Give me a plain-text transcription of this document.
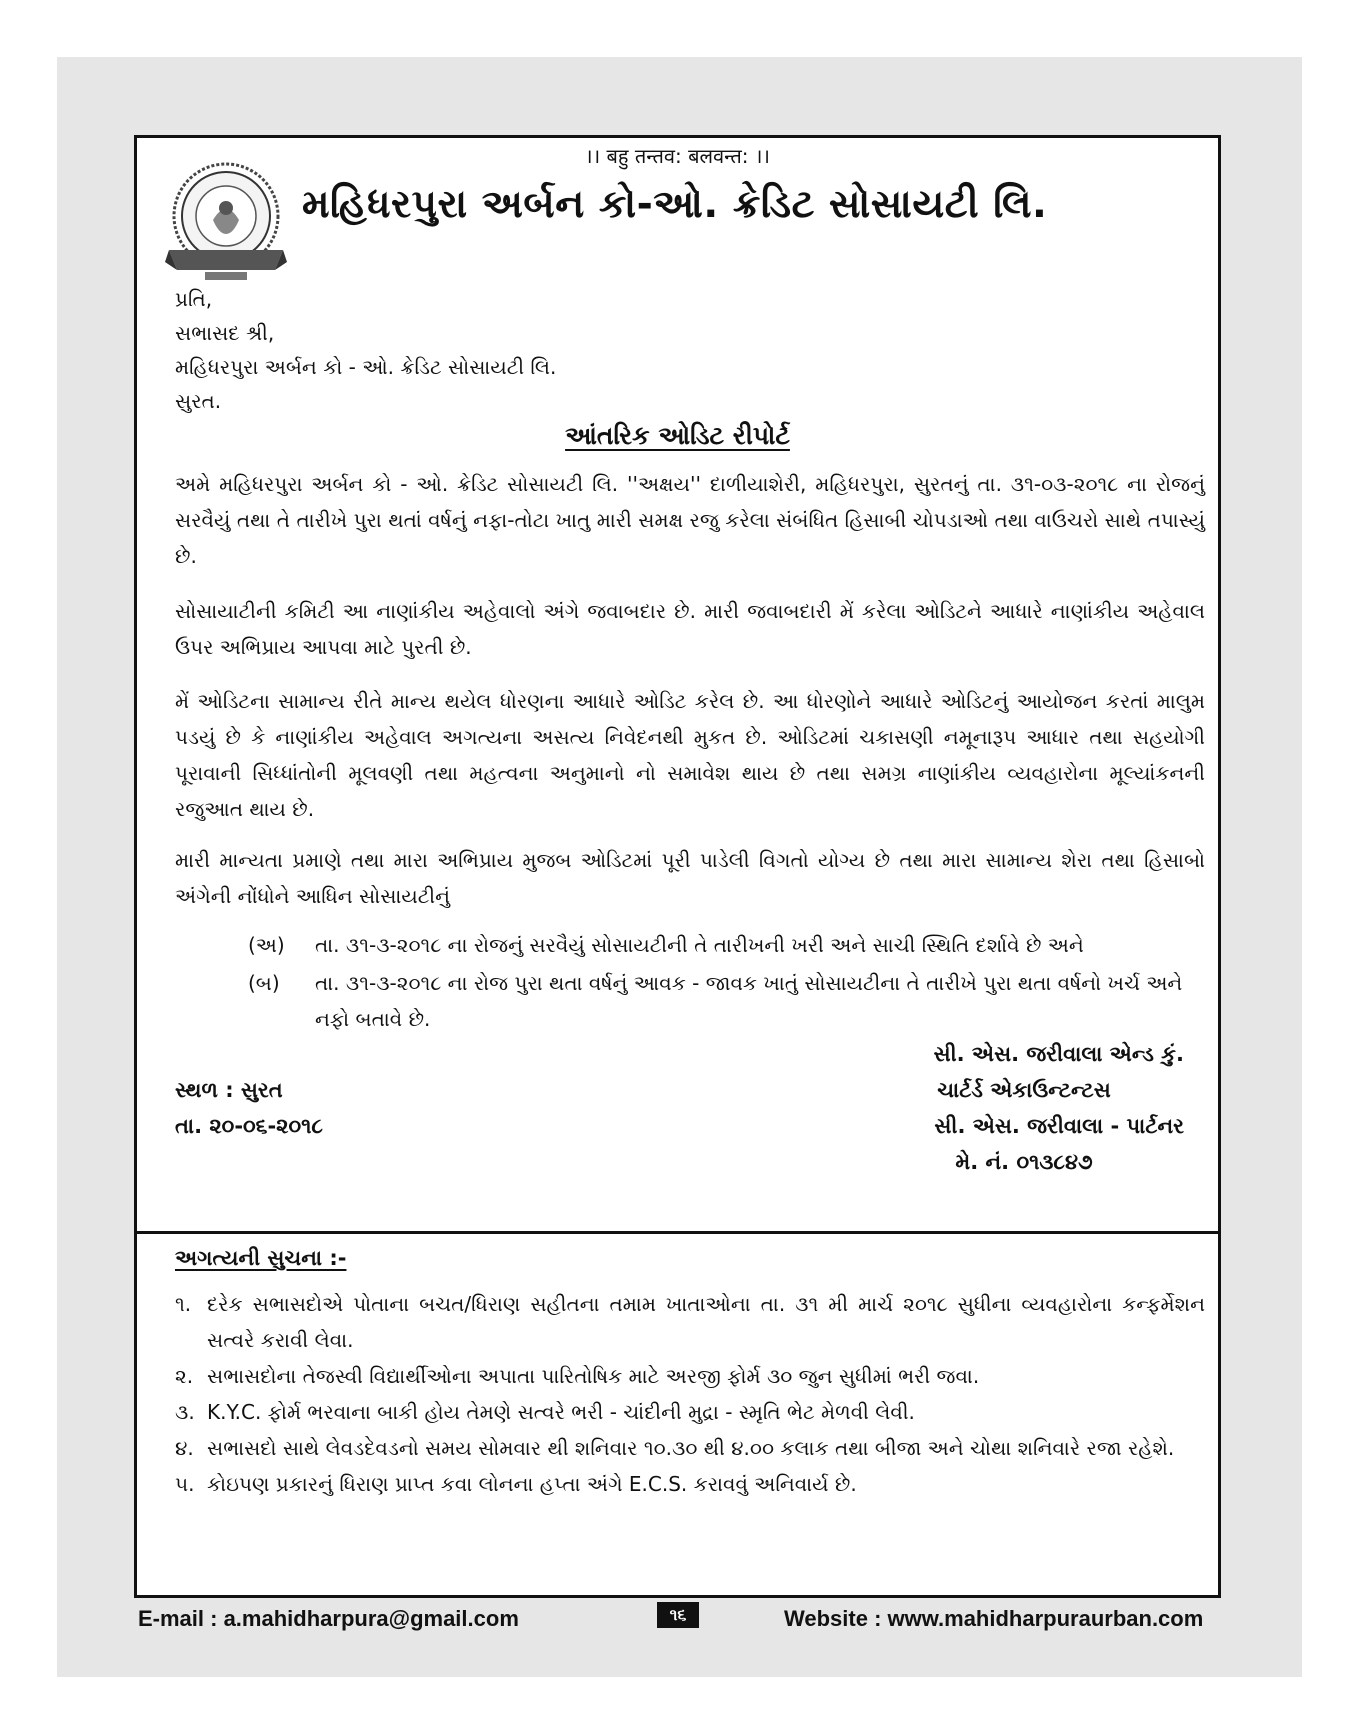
।। बहु तन्तव: बलवन्त: ।।
મહિધરપુરા અર્બન કો-ઓ. ક્રેડિટ સોસાયટી લિ.
પ્રતિ,
સભાસદ શ્રી,
મહિધરપુરા અર્બન કો - ઓ. ક્રેડિટ સોસાયટી લિ.
સુરત.
આંતરિક ઓડિટ રીપોર્ટ
અમે મહિધરપુરા અર્બન કો - ઓ. ક્રેડિટ સોસાયટી લિ. ''અક્ષય'' દાળીયાશેરી, મહિધરપુરા, સુરતનું તા. ૩૧-૦૩-૨૦૧૮ ના રોજનું સરવૈયું તથા તે તારીખે પુરા થતાં વર્ષનું નફા-તોટા ખાતુ મારી સમક્ષ રજુ કરેલા સંબંધિત હિસાબી ચોપડાઓ તથા વાઉચરો સાથે તપાસ્યું છે.
સોસાયાટીની કમિટી આ નાણાંકીય અહેવાલો અંગે જવાબદાર છે. મારી જવાબદારી મેં કરેલા ઓડિટને આધારે નાણાંકીય અહેવાલ ઉપર અભિપ્રાય આપવા માટે પુરતી છે.
મેં ઓડિટના સામાન્ય રીતે માન્ય થયેલ ધોરણના આધારે ઓડિટ કરેલ છે. આ ધોરણોને આધારે ઓડિટનું આયોજન કરતાં માલુમ પડયું છે કે નાણાંકીય અહેવાલ અગત્યના અસત્ય નિવેદનથી મુકત છે. ઓડિટમાં ચકાસણી નમૂનારૂપ આધાર તથા સહયોગી પૂરાવાની સિધ્ધાંતોની મૂલવણી તથા મહત્વના અનુમાનો નો સમાવેશ થાય છે તથા સમગ્ર નાણાંકીય વ્યવહારોના મૂલ્યાંકનની રજુઆત થાય છે.
મારી માન્યતા પ્રમાણે તથા મારા અભિપ્રાય મુજબ ઓડિટમાં પૂરી પાડેલી વિગતો યોગ્ય છે તથા મારા સામાન્ય શેરા તથા હિસાબો અંગેની નોંધોને આધિન સોસાયટીનું
(અ)	તા. ૩૧-૩-૨૦૧૮ ના રોજનું સરવૈયું સોસાયટીની તે તારીખની ખરી અને સાચી સ્થિતિ દર્શાવે છે અને
(બ)	તા. ૩૧-૩-૨૦૧૮ ના રોજ પુરા થતા વર્ષનું આવક - જાવક ખાતું સોસાયટીના તે તારીખે પુરા થતા વર્ષનો ખર્ચ અને નફો બતાવે છે.
સ્થળ : સુરત
તા. ૨૦-૦૬-૨૦૧૮
સી. એસ. જરીવાલા એન્ડ કું.
ચાર્ટર્ડ એકાઉન્ટન્ટસ
સી. એસ. જરીવાલા - પાર્ટનર
મે. નં. ૦૧૩૮૪૭
અગત્યની સુચના :-
૧. દરેક સભાસદોએ પોતાના બચત/ધિરાણ સહીતના તમામ ખાતાઓના તા. ૩૧ મી માર્ચ ૨૦૧૮ સુધીના વ્યવહારોના કન્ફર્મેશન સત્વરે કરાવી લેવા.
૨. સભાસદોના તેજસ્વી વિદ્યાર્થીઓના અપાતા પારિતોષિક માટે અરજી ફોર્મ ૩૦ જુન સુધીમાં ભરી જવા.
૩. K.Y.C. ફોર્મ ભરવાના બાકી હોય તેમણે સત્વરે ભરી - ચાંદીની મુદ્રા - સ્મૃતિ ભેટ મેળવી લેવી.
૪. સભાસદો સાથે લેવડદેવડનો સમય સોમવાર થી શનિવાર ૧૦.૩૦ થી ૪.૦૦ કલાક તથા બીજા અને ચોથા શનિવારે રજા રહેશે.
૫. કોઇપણ પ્રકારનું ધિરાણ પ્રાપ્ત કવા લોનના હપ્તા અંગે E.C.S. કરાવવું અનિવાર્ય છે.
E-mail : a.mahidharpura@gmail.com	૧૬	Website : www.mahidharpuraurban.com
